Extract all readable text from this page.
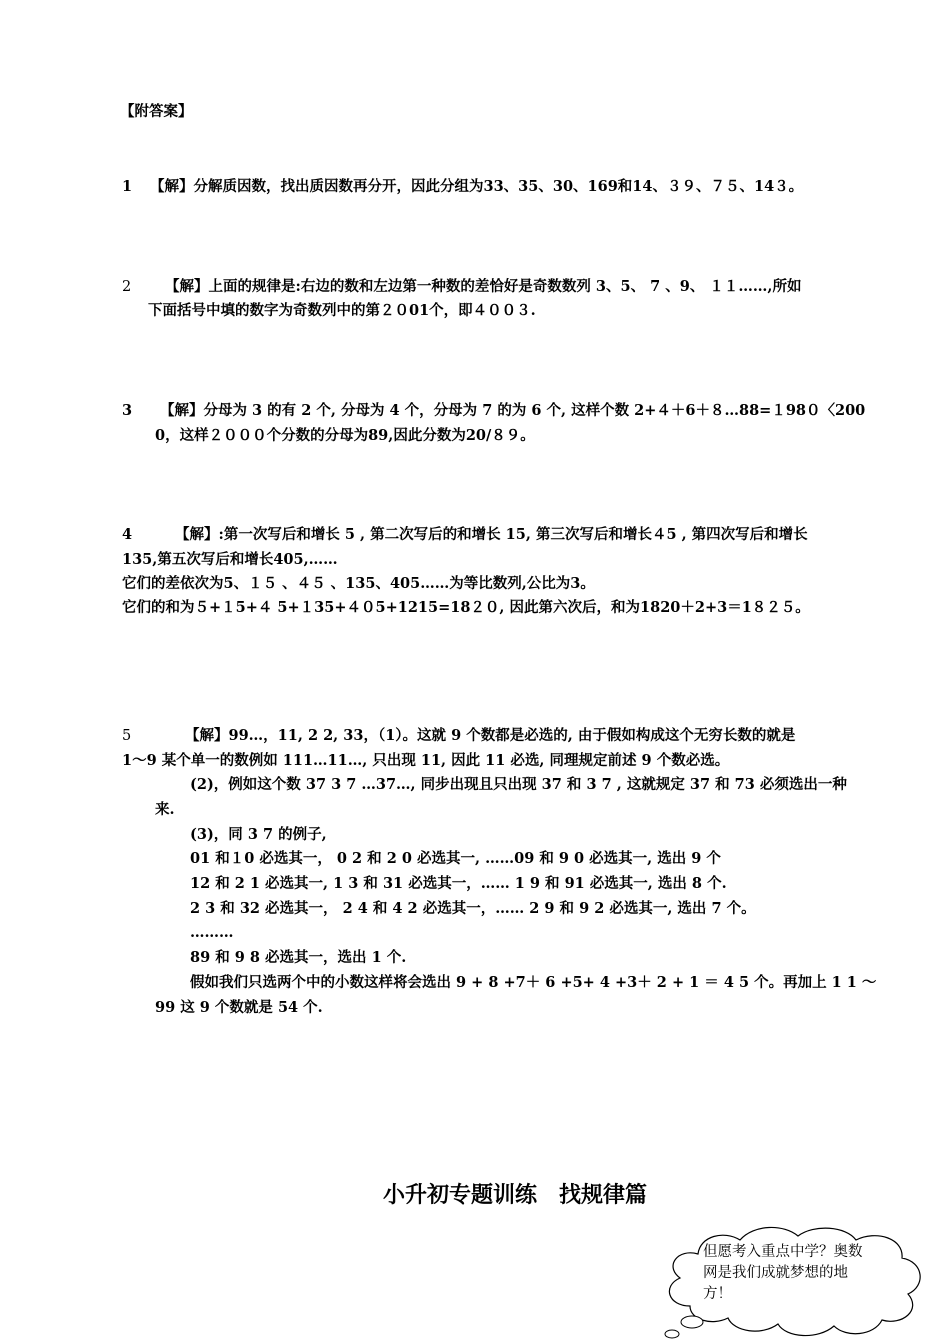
【附答案】
1 【解】分解质因数，找出质因数再分开，因此分组为33、35、30、169和14、３９、７５、14３。
2 【解】上面的规律是:右边的数和左边第一种数的差恰好是奇数数列 3、5、 7 、9、 １１……,所如
下面括号中填的数字为奇数列中的第２０01个，即４００３.
3 【解】分母为 3 的有 2 个, 分母为 4 个，分母为 7 的为 6 个, 这样个数 2+４＋6＋８…88=１98０〈200
0，这样２０００个分数的分母为89,因此分数为20/８９。
4	【解】:第一次写后和增长 5 , 第二次写后的和增长 15, 第三次写后和增长４5 , 第四次写后和增长
135,第五次写后和增长405,……
它们的差依次为5、１５ 、４５ 、135、405……为等比数列,公比为3。
它们的和为５+１5+４ 5+１35+４０5+1215=18２０, 因此第六次后，和为1820＋2+3＝1８２５。
5	【解】99…，11, 2 2, 33，（1）。这就 9 个数都是必选的, 由于假如构成这个无穷长数的就是
1～9 某个单一的数例如 111…11…, 只出现 11, 因此 11 必选, 同理规定前述 9 个数必选。
(2)，例如这个数 37 3 7 …37…, 同步出现且只出现 37 和 3 7 , 这就规定 37 和 73 必须选出一种
来.
(3)，同 3 7 的例子,
01 和１0 必选其一， 0 2 和 2 0 必选其一, ……09 和 9 0 必选其一, 选出 9 个
12 和 2 1 必选其一, 1 3 和 31 必选其一，…… 1 9 和 91 必选其一, 选出 8 个.
2 3 和 32 必选其一， 2 4 和 4 2 必选其一，…… 2 9 和 9 2 必选其一, 选出 7 个。
………
89 和 9 8 必选其一，选出 1 个.
假如我们只选两个中的小数这样将会选出 9 + 8 +7＋ 6 +5+ 4 +3＋ 2 + 1 ＝ 4 5 个。再加上 1 1 ～
99 这 9 个数就是 54 个.
小升初专题训练　找规律篇
但愿考入重点中学？奥数网是我们成就梦想的地方！
